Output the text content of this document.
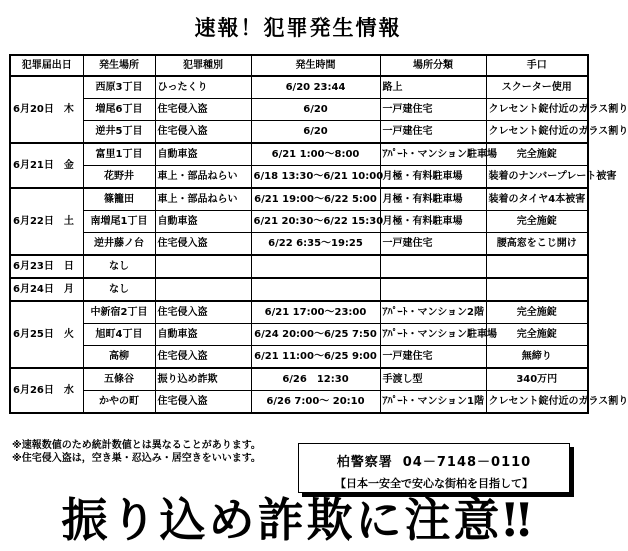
速報！犯罪発生情報
犯罪届出日	発生場所	犯罪種別	発生時間	場所分類	手口
6月20日　木	西原3丁目	ひったくり	6/20 23:44	路上	スクーター使用
	増尾6丁目	住宅侵入盗	6/20	一戸建住宅	クレセント錠付近のガラス割り
	逆井5丁目	住宅侵入盗	6/20	一戸建住宅	クレセント錠付近のガラス割り
6月21日　金	富里1丁目	自動車盗	6/21 1:00～8:00	ｱﾊﾟｰﾄ・マンション駐車場	完全施錠
	花野井	車上・部品ねらい	6/18 13:30～6/21 10:00	月極・有料駐車場	装着のナンバープレート被害
6月22日　土	篠籠田	車上・部品ねらい	6/21 19:00～6/22 5:00	月極・有料駐車場	装着のタイヤ4本被害
	南増尾1丁目	自動車盗	6/21 20:30～6/22 15:30	月極・有料駐車場	完全施錠
	逆井藤ノ台	住宅侵入盗	6/22 6:35～19:25	一戸建住宅	腰高窓をこじ開け
6月23日　日	なし				
6月24日　月	なし				
6月25日　火	中新宿2丁目	住宅侵入盗	6/21 17:00～23:00	ｱﾊﾟｰﾄ・マンション2階	完全施錠
	旭町4丁目	自動車盗	6/24 20:00～6/25 7:50	ｱﾊﾟｰﾄ・マンション駐車場	完全施錠
	高柳	住宅侵入盗	6/21 11:00～6/25 9:00	一戸建住宅	無締り
6月26日　水	五條谷	振り込め詐欺	6/26　12:30	手渡し型	340万円
	かやの町	住宅侵入盗	6/26 7:00～ 20:10	ｱﾊﾟｰﾄ・マンション1階	クレセント錠付近のガラス割り
※速報数値のため統計数値とは異なることがあります。
※住宅侵入盗は，空き巣・忍込み・居空きをいいます。	柏警察署 04－7148－0110
【日本一安全で安心な街柏を目指して】
振り込め詐欺に注意‼
